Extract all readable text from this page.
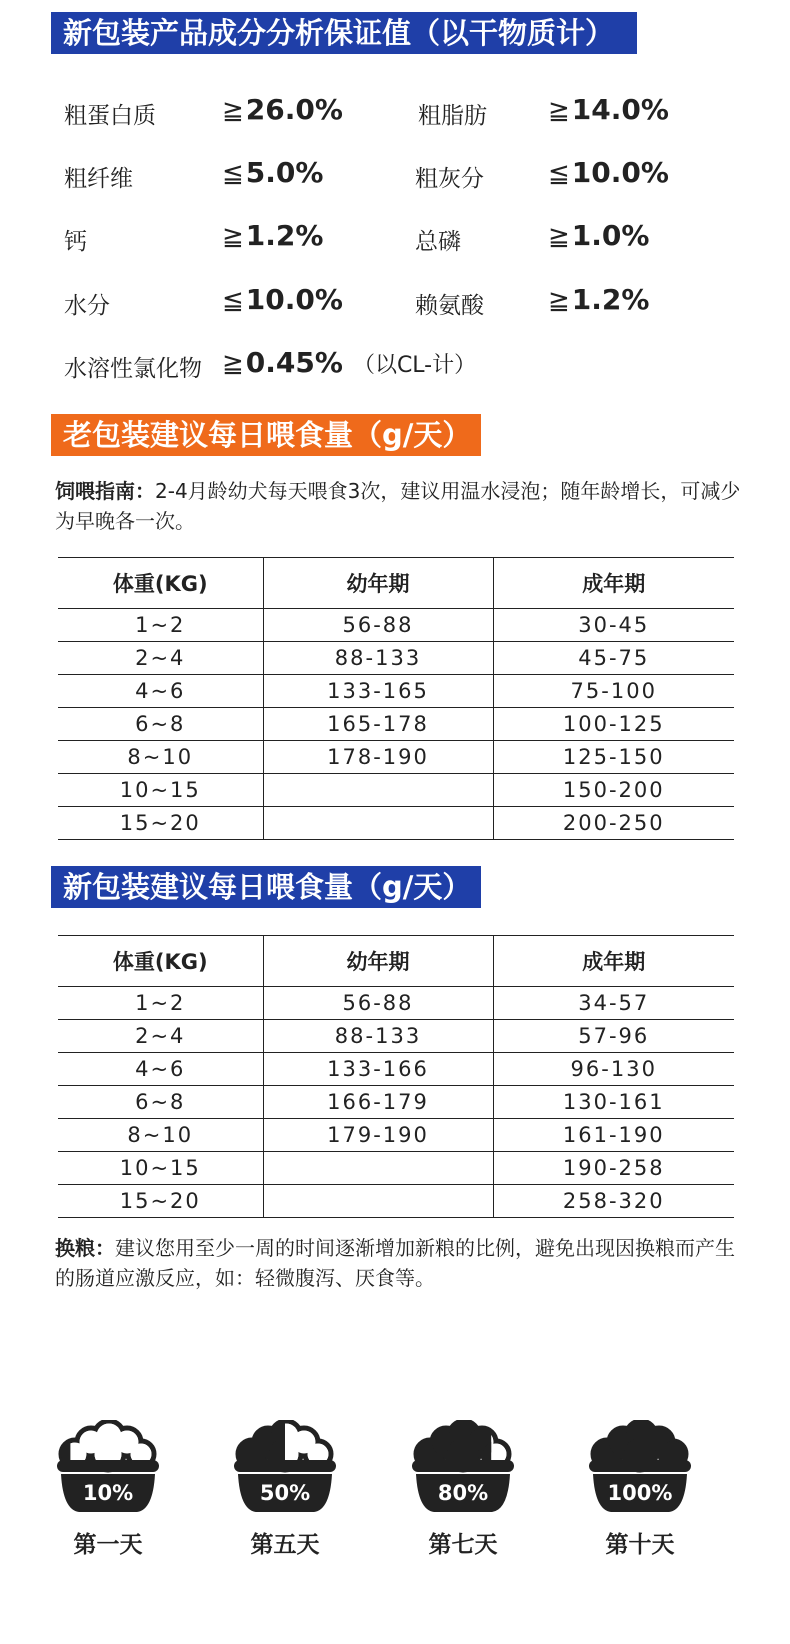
新包装产品成分分析保证值（以干物质计）
粗蛋白质	≧26.0%	粗脂肪 ≧14.0%
粗纤维	≦5.0%	粗灰分 ≦10.0%
钙	≧1.2%	总磷	≧1.0%
水分	≦10.0%	赖氨酸 ≧1.2%
水溶性氯化物 ≧0.45% （以CL-计）
老包装建议每日喂食量（g/天）
饲喂指南：2-4月龄幼犬每天喂食3次，建议用温水浸泡；随年龄增长，可减少为早晚各一次。
体重(KG)	幼年期	成年期
1~2	56-88	30-45
2~4	88-133	45-75
4~6	133-165	75-100
6~8	165-178	100-125
8~10	178-190	125-150
10~15		150-200
15~20		200-250
新包装建议每日喂食量（g/天）
体重(KG)	幼年期	成年期
1~2	56-88	34-57
2~4	88-133	57-96
4~6	133-166	96-130
6~8	166-179	130-161
8~10	179-190	161-190
10~15		190-258
15~20		258-320
换粮：建议您用至少一周的时间逐渐增加新粮的比例，避免出现因换粮而产生的肠道应激反应，如：轻微腹泻、厌食等。
10%
第一天
50%
第五天
80%
第七天
100%
第十天
